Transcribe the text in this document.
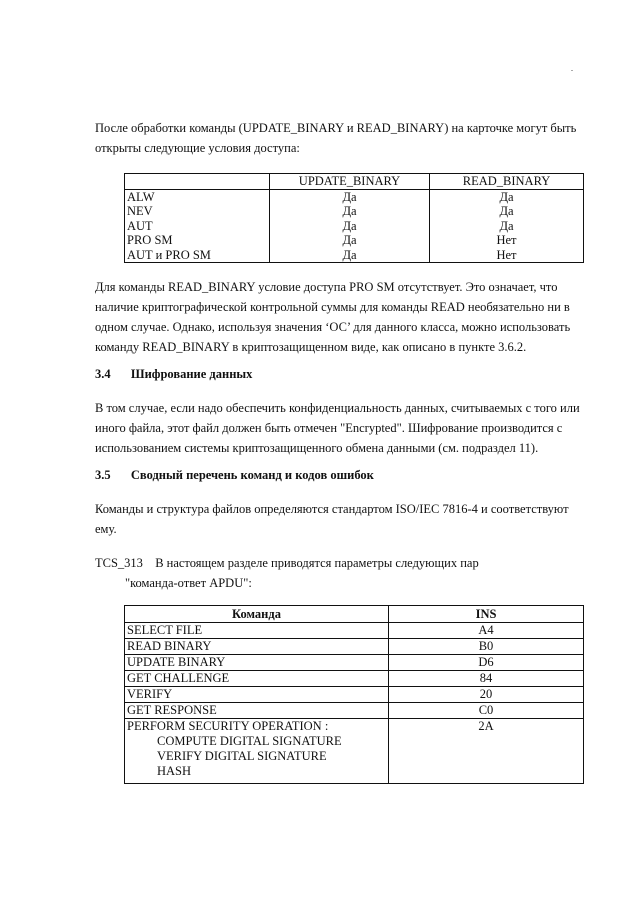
После обработки команды (UPDATE_BINARY и READ_BINARY) на карточке могут быть
открыты следующие условия доступа:
	UPDATE_BINARY	READ_BINARY
ALW	Да	Да
NEV	Да	Да
AUT	Да	Да
PRO SM	Да	Нет
AUT и PRO SM	Да	Нет
Для команды READ_BINARY условие доступа PRO SM отсутствует. Это означает, что
наличие криптографической контрольной суммы для команды READ необязательно ни в
одном случае. Однако, используя значения ‘ОС’ для данного класса, можно использовать
команду READ_BINARY в криптозащищенном виде, как описано в пункте 3.6.2.
3.4 Шифрование данных
В том случае, если надо обеспечить конфиденциальность данных, считываемых с того или
иного файла, этот файл должен быть отмечен "Encrypted". Шифрование производится с
использованием системы криптозащищенного обмена данными (см. подраздел 11).
3.5 Сводный перечень команд и кодов ошибок
Команды и структура файлов определяются стандартом ISO/IEC 7816-4 и соответствуют
ему.
TCS_313 В настоящем разделе приводятся параметры следующих пар
"команда-ответ APDU":
Команда	INS
SELECT FILE	A4
READ BINARY	B0
UPDATE BINARY	D6
GET CHALLENGE	84
VERIFY	20
GET RESPONSE	C0

PERFORM SECURITY OPERATION :
COMPUTE DIGITAL SIGNATURE
VERIFY DIGITAL SIGNATURE
HASH	2A
